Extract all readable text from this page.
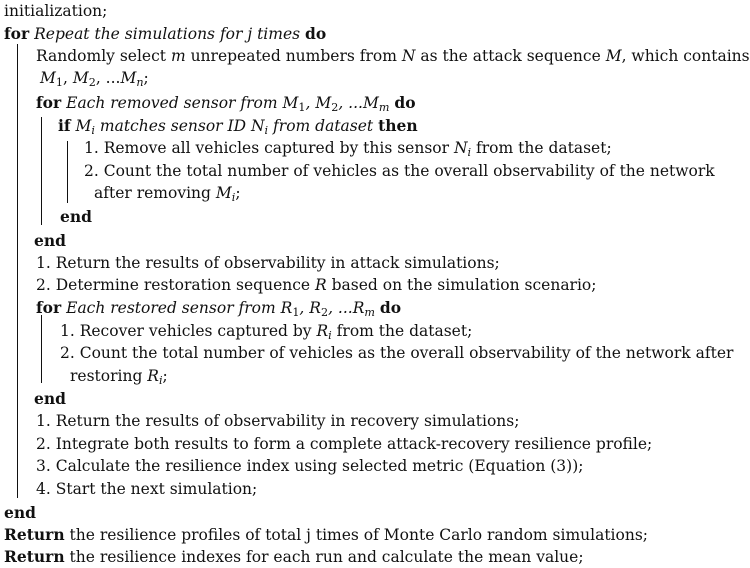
initialization;
for Repeat the simulations for j times do
Randomly select m unrepeated numbers from N as the attack sequence M, which contains
$M_1$, $M_2$, $...M_n$;
for Each removed sensor from $M_1$, $M_2$, $...M_m$ do
if $M_i$ matches sensor ID $N_i$ from dataset then
1. Remove all vehicles captured by this sensor $N_i$ from the dataset;
2. Count the total number of vehicles as the overall observability of the network
after removing $M_i$;
end
end
1. Return the results of observability in attack simulations;
2. Determine restoration sequence R based on the simulation scenario;
for Each restored sensor from $R_1$, $R_2$, $...R_m$ do
1. Recover vehicles captured by $R_i$ from the dataset;
2. Count the total number of vehicles as the overall observability of the network after
restoring $R_i$;
end
1. Return the results of observability in recovery simulations;
2. Integrate both results to form a complete attack-recovery resilience profile;
3. Calculate the resilience index using selected metric (Equation (3));
4. Start the next simulation;
end
Return the resilience profiles of total j times of Monte Carlo random simulations;
Return the resilience indexes for each run and calculate the mean value;
